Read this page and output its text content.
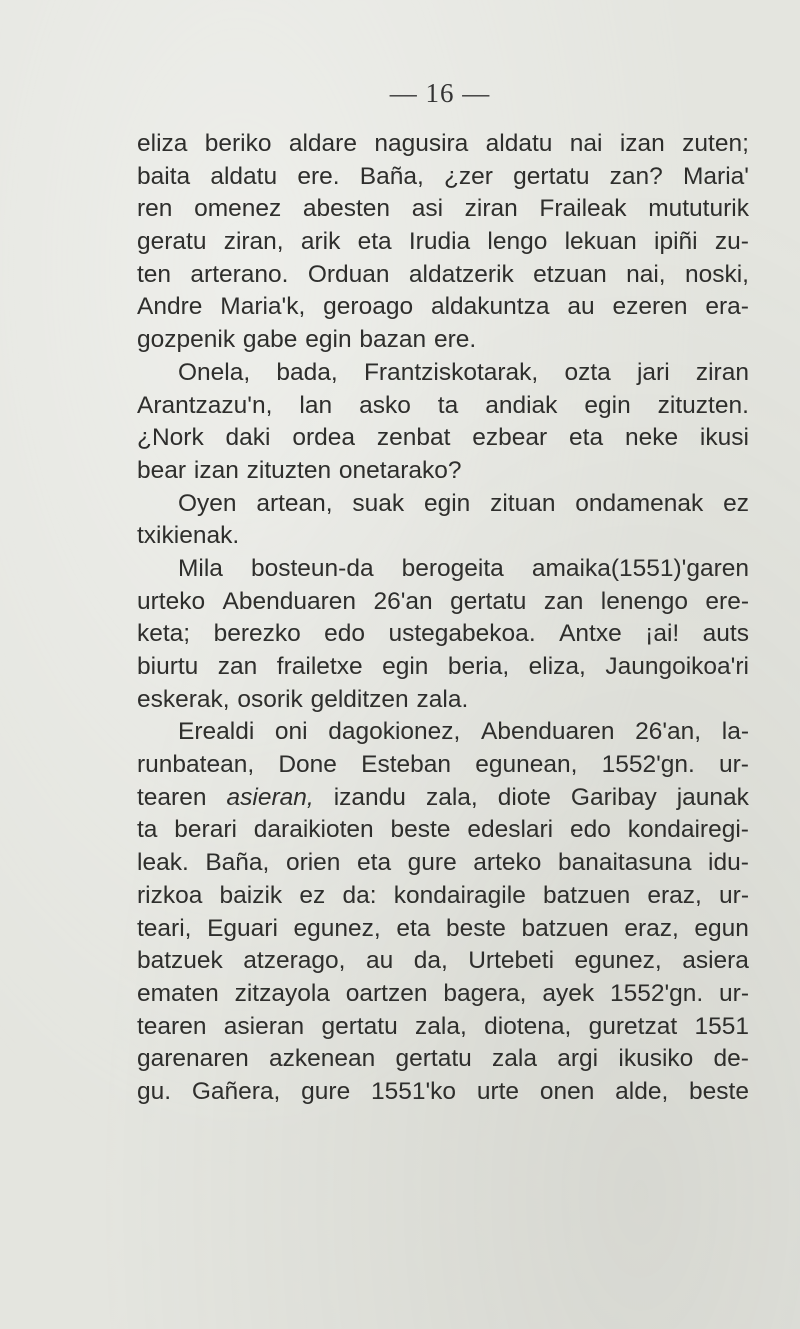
— 16 —
eliza beriko aldare nagusira aldatu nai izan zuten;
baita aldatu ere. Baña, ¿zer gertatu zan? Maria'
ren omenez abesten asi ziran Fraileak mututurik
geratu ziran, arik eta Irudia lengo lekuan ipiñi zu-
ten arterano. Orduan aldatzerik etzuan nai, noski,
Andre Maria'k, geroago aldakuntza au ezeren era-
gozpenik gabe egin bazan ere.
Onela, bada, Frantziskotarak, ozta jari ziran
Arantzazu'n, lan asko ta andiak egin zituzten.
¿Nork daki ordea zenbat ezbear eta neke ikusi
bear izan zituzten onetarako?
Oyen artean, suak egin zituan ondamenak ez
txikienak.
Mila bosteun-da berogeita amaika(1551)'garen
urteko Abenduaren 26'an gertatu zan lenengo ere-
keta; berezko edo ustegabekoa. Antxe ¡ai! auts
biurtu zan frailetxe egin beria, eliza, Jaungoikoa'ri
eskerak, osorik gelditzen zala.
Erealdi oni dagokionez, Abenduaren 26'an, la-
runbatean, Done Esteban egunean, 1552'gn. ur-
tearen asieran, izandu zala, diote Garibay jaunak
ta berari daraikioten beste edeslari edo kondairegi-
leak. Baña, orien eta gure arteko banaitasuna idu-
rizkoa baizik ez da: kondairagile batzuen eraz, ur-
teari, Eguari egunez, eta beste batzuen eraz, egun
batzuek atzerago, au da, Urtebeti egunez, asiera
ematen zitzayola oartzen bagera, ayek 1552'gn. ur-
tearen asieran gertatu zala, diotena, guretzat 1551
garenaren azkenean gertatu zala argi ikusiko de-
gu. Gañera, gure 1551'ko urte onen alde, beste
